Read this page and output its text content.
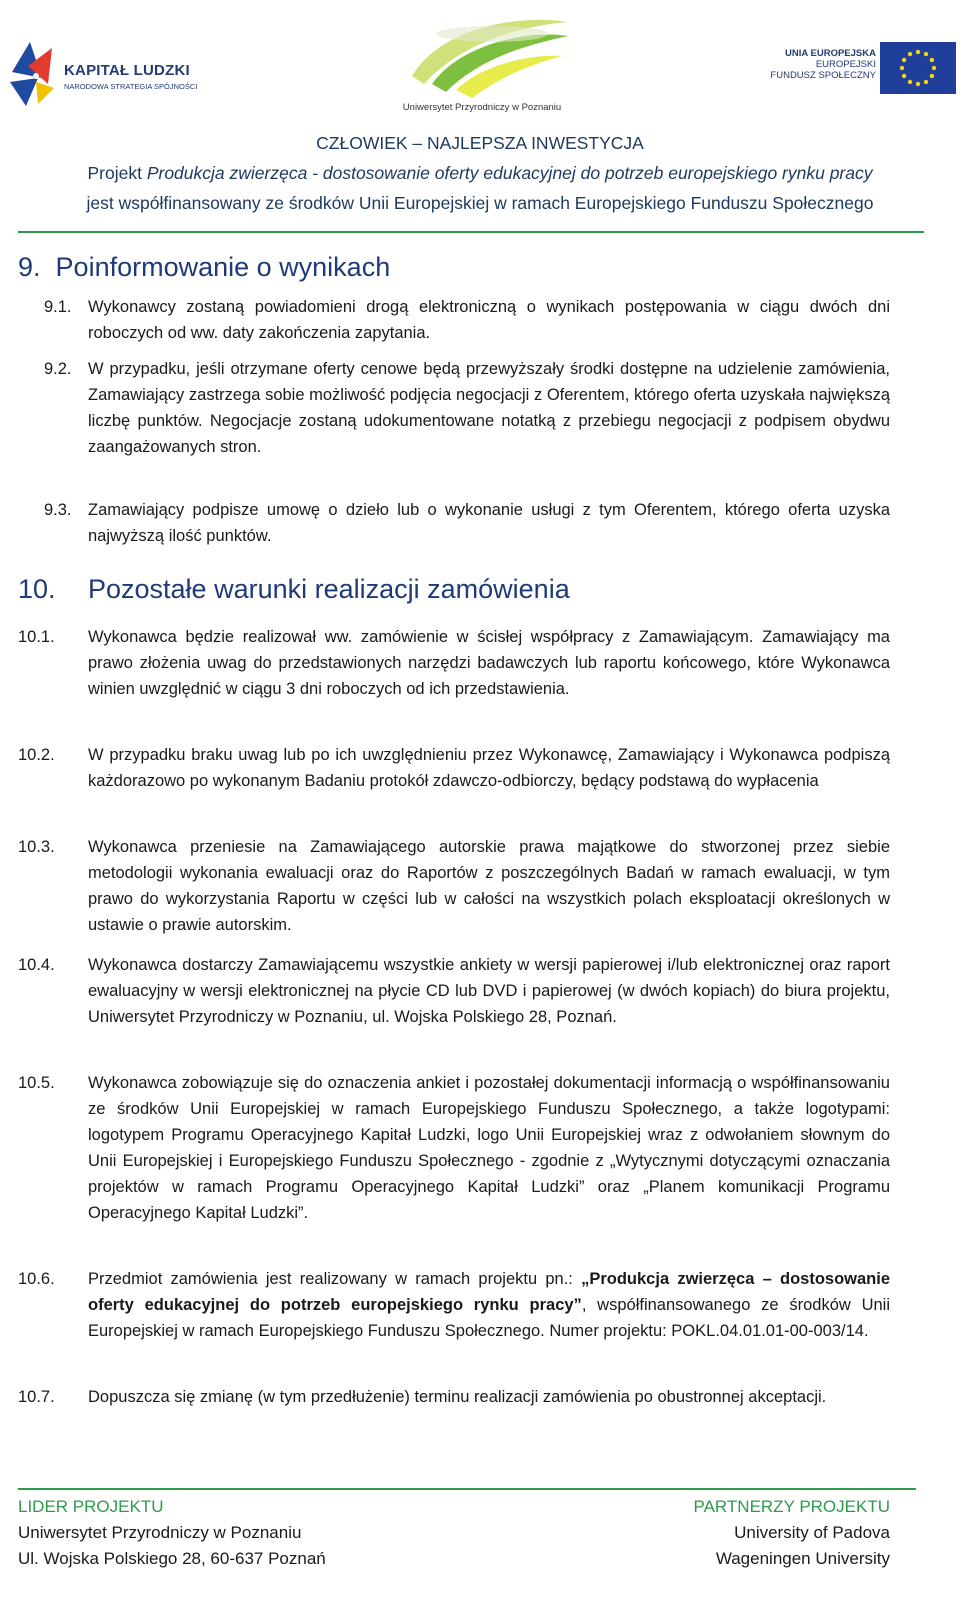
KAPITAŁ LUDZKI
NARODOWA STRATEGIA SPÓJNOŚCI
Uniwersytet Przyrodniczy w Poznaniu
UNIA EUROPEJSKA
EUROPEJSKI
FUNDUSZ SPOŁECZNY
CZŁOWIEK – NAJLEPSZA INWESTYCJA
Projekt Produkcja zwierzęca - dostosowanie oferty edukacyjnej do potrzeb europejskiego rynku pracy
jest współfinansowany ze środków Unii Europejskiej w ramach Europejskiego Funduszu Społecznego
9. Poinformowanie o wynikach
9.1. Wykonawcy zostaną powiadomieni drogą elektroniczną o wynikach postępowania w ciągu dwóch dni roboczych od ww. daty zakończenia zapytania.
9.2. W przypadku, jeśli otrzymane oferty cenowe będą przewyższały środki dostępne na udzielenie zamówienia, Zamawiający zastrzega sobie możliwość podjęcia negocjacji z Oferentem, którego oferta uzyskała największą liczbę punktów. Negocjacje zostaną udokumentowane notatką z przebiegu negocjacji z podpisem obydwu zaangażowanych stron.
9.3. Zamawiający podpisze umowę o dzieło lub o wykonanie usługi z tym Oferentem, którego oferta uzyska najwyższą ilość punktów.
10. Pozostałe warunki realizacji zamówienia
10.1. Wykonawca będzie realizował ww. zamówienie w ścisłej współpracy z Zamawiającym. Zamawiający ma prawo złożenia uwag do przedstawionych narzędzi badawczych lub raportu końcowego, które Wykonawca winien uwzględnić w ciągu 3 dni roboczych od ich przedstawienia.
10.2. W przypadku braku uwag lub po ich uwzględnieniu przez Wykonawcę, Zamawiający i Wykonawca podpiszą każdorazowo po wykonanym Badaniu protokół zdawczo-odbiorczy, będący podstawą do wypłacenia
10.3. Wykonawca przeniesie na Zamawiającego autorskie prawa majątkowe do stworzonej przez siebie metodologii wykonania ewaluacji oraz do Raportów z poszczególnych Badań w ramach ewaluacji, w tym prawo do wykorzystania Raportu w części lub w całości na wszystkich polach eksploatacji określonych w ustawie o prawie autorskim.
10.4. Wykonawca dostarczy Zamawiającemu wszystkie ankiety w wersji papierowej i/lub elektronicznej oraz raport ewaluacyjny w wersji elektronicznej na płycie CD lub DVD i papierowej (w dwóch kopiach) do biura projektu, Uniwersytet Przyrodniczy w Poznaniu, ul. Wojska Polskiego 28, Poznań.
10.5. Wykonawca zobowiązuje się do oznaczenia ankiet i pozostałej dokumentacji informacją o współfinansowaniu ze środków Unii Europejskiej w ramach Europejskiego Funduszu Społecznego, a także logotypami: logotypem Programu Operacyjnego Kapitał Ludzki, logo Unii Europejskiej wraz z odwołaniem słownym do Unii Europejskiej i Europejskiego Funduszu Społecznego - zgodnie z „Wytycznymi dotyczącymi oznaczania projektów w ramach Programu Operacyjnego Kapitał Ludzki” oraz „Planem komunikacji Programu Operacyjnego Kapitał Ludzki”.
10.6. Przedmiot zamówienia jest realizowany w ramach projektu pn.: „Produkcja zwierzęca – dostosowanie oferty edukacyjnej do potrzeb europejskiego rynku pracy”, współfinansowanego ze środków Unii Europejskiej w ramach Europejskiego Funduszu Społecznego. Numer projektu: POKL.04.01.01-00-003/14.
10.7. Dopuszcza się zmianę (w tym przedłużenie) terminu realizacji zamówienia po obustronnej akceptacji.
LIDER PROJEKTU
Uniwersytet Przyrodniczy w Poznaniu
Ul. Wojska Polskiego 28, 60-637 Poznań
PARTNERZY PROJEKTU
University of Padova
Wageningen University
